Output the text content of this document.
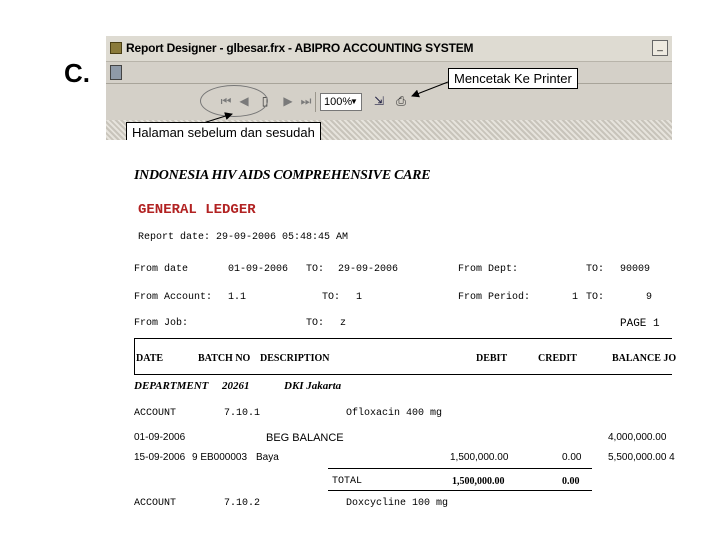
C.
Report Designer - glbesar.frx - ABIPRO ACCOUNTING SYSTEM	_
⏮ ◀	▯	▶ ⏭	100%
▼ ⇲ ⎙
Mencetak Ke Printer
Halaman sebelum dan sesudah
INDONESIA HIV AIDS COMPREHENSIVE CARE
GENERAL LEDGER
Report date: 29-09-2006 05:48:45 AM
From date	01-09-2006 TO: 29-09-2006	From Dept:	TO: 90009
From Account: 1.1	TO: 1	From Period:	1 TO:	9
From Job:	TO: z	PAGE 1
DATE	BATCH NO DESCRIPTION	DEBIT	CREDIT	BALANCE JO
DEPARTMENT 20261	DKI Jakarta
ACCOUNT	7.10.1	Ofloxacin 400 mg
01-09-2006	BEG BALANCE	4,000,000.00
15-09-2006 9 EB000003 Baya	1,500,000.00	0.00	5,500,000.00 4
TOTAL	1,500,000.00	0.00
ACCOUNT	7.10.2	Doxcycline 100 mg
